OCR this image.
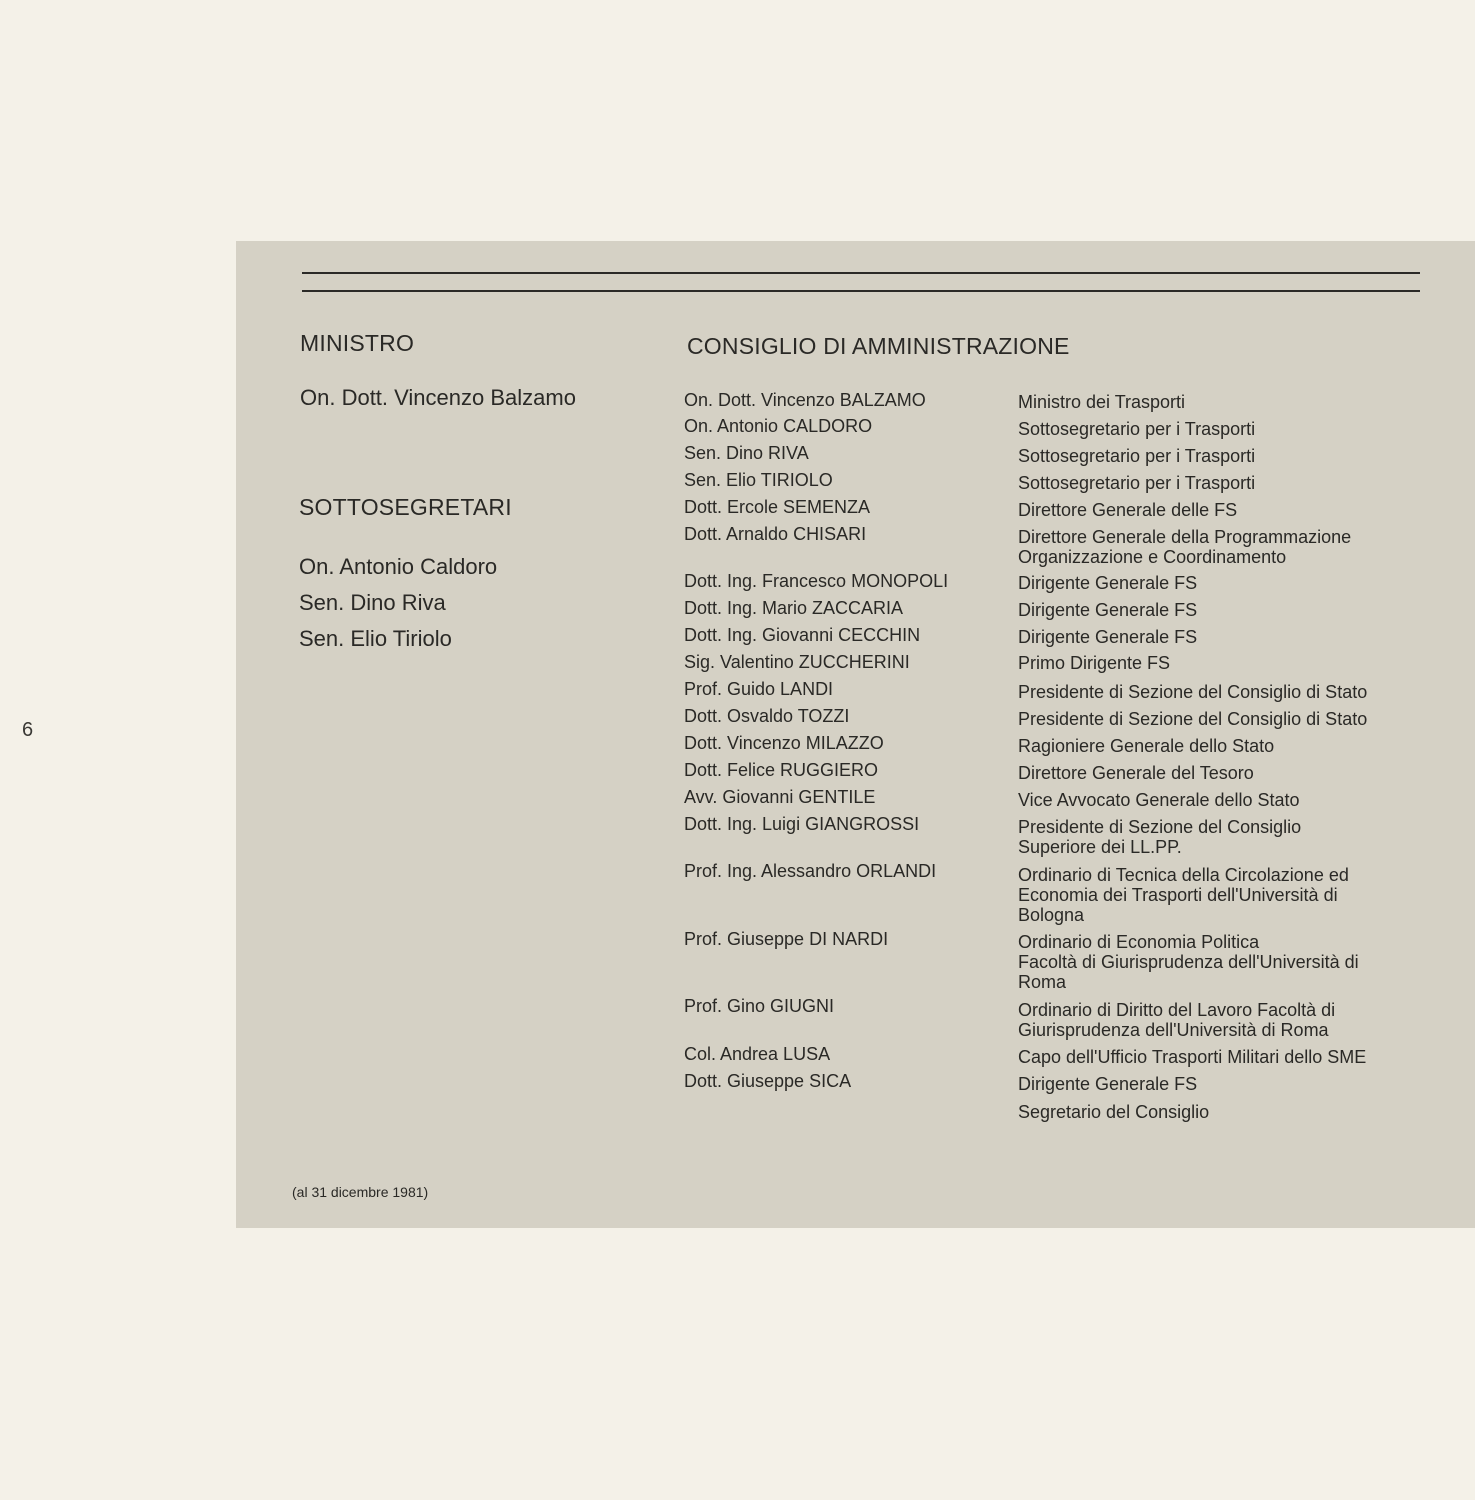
6
MINISTRO
On. Dott. Vincenzo Balzamo
SOTTOSEGRETARI
On. Antonio Caldoro
Sen. Dino Riva
Sen. Elio Tiriolo
CONSIGLIO DI AMMINISTRAZIONE
On. Dott. Vincenzo BALZAMO	Ministro dei Trasporti
On. Antonio CALDORO	Sottosegretario per i Trasporti
Sen. Dino RIVA	Sottosegretario per i Trasporti
Sen. Elio TIRIOLO	Sottosegretario per i Trasporti
Dott. Ercole SEMENZA	Direttore Generale delle FS
Dott. Arnaldo CHISARI	Direttore Generale della Programmazione
Organizzazione e Coordinamento
Dott. Ing. Francesco MONOPOLI	Dirigente Generale FS
Dott. Ing. Mario ZACCARIA	Dirigente Generale FS
Dott. Ing. Giovanni CECCHIN	Dirigente Generale FS
Sig. Valentino ZUCCHERINI	Primo Dirigente FS
Prof. Guido LANDI	Presidente di Sezione del Consiglio di Stato
Dott. Osvaldo TOZZI	Presidente di Sezione del Consiglio di Stato
Dott. Vincenzo MILAZZO	Ragioniere Generale dello Stato
Dott. Felice RUGGIERO	Direttore Generale del Tesoro
Avv. Giovanni GENTILE	Vice Avvocato Generale dello Stato
Dott. Ing. Luigi GIANGROSSI	Presidente di Sezione del Consiglio
Superiore dei LL.PP.
Prof. Ing. Alessandro ORLANDI	Ordinario di Tecnica della Circolazione ed
Economia dei Trasporti dell'Università di
Bologna
Prof. Giuseppe DI NARDI	Ordinario di Economia Politica
Facoltà di Giurisprudenza dell'Università di
Roma
Prof. Gino GIUGNI	Ordinario di Diritto del Lavoro Facoltà di
Giurisprudenza dell'Università di Roma
Col. Andrea LUSA	Capo dell'Ufficio Trasporti Militari dello SME
Dott. Giuseppe SICA	Dirigente Generale FS
Segretario del Consiglio
(al 31 dicembre 1981)
